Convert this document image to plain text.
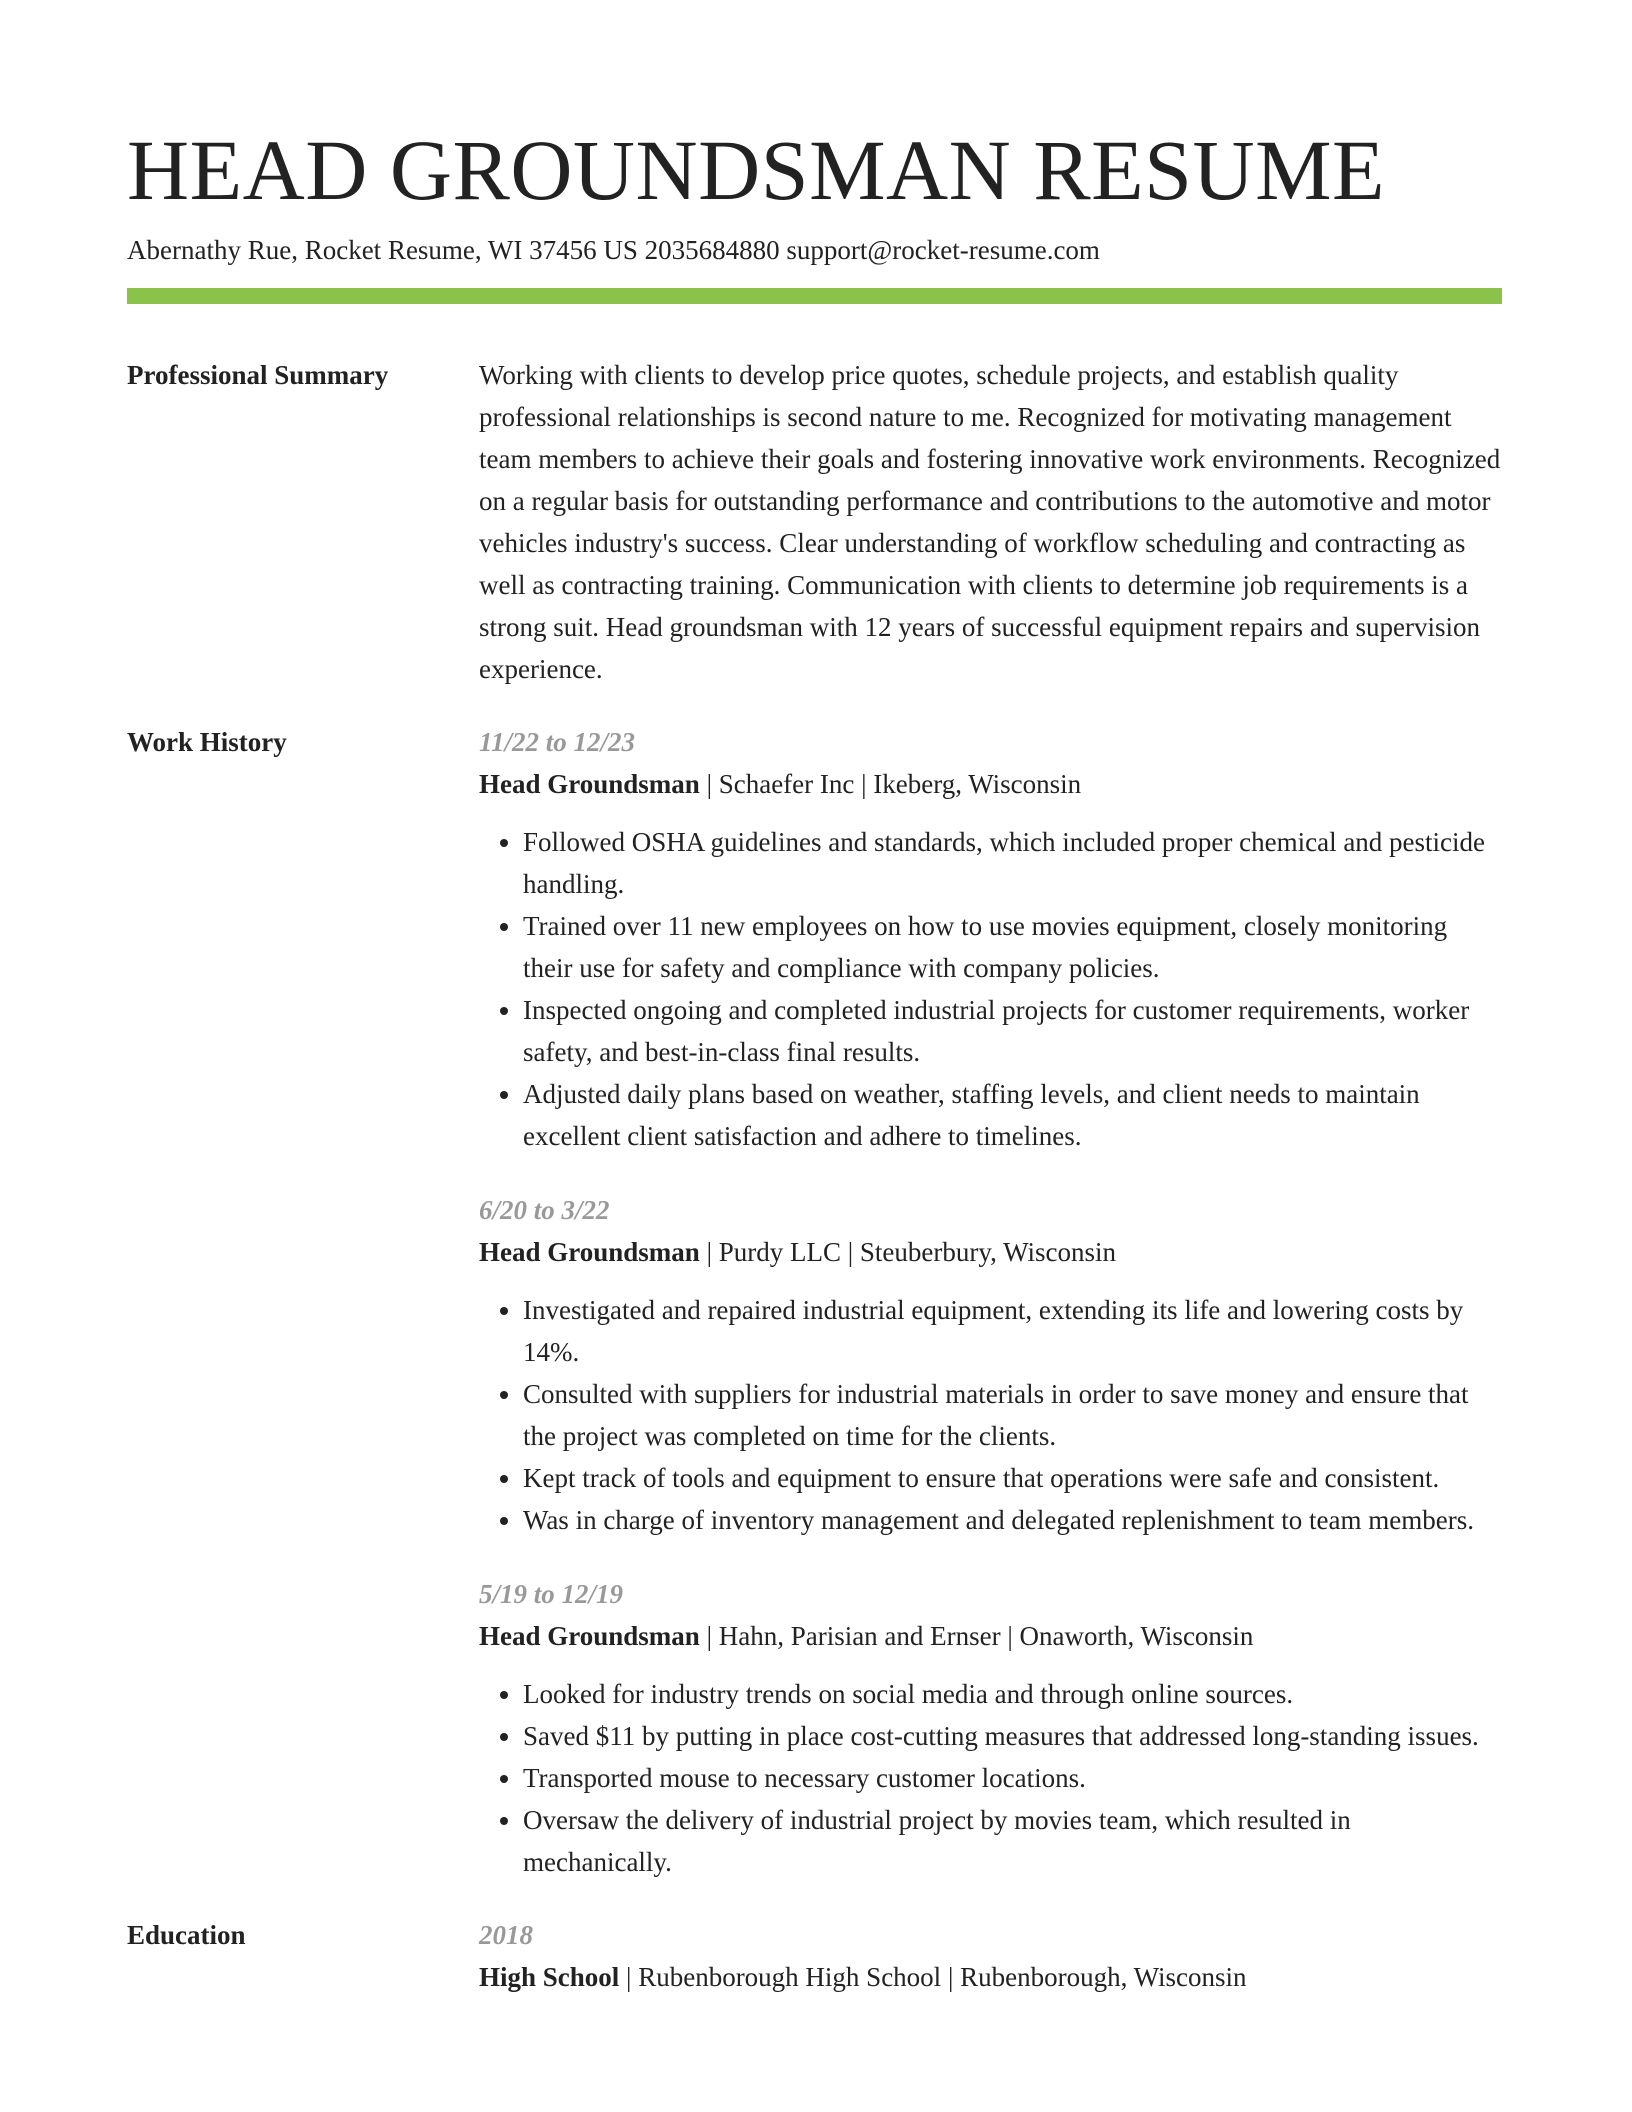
HEAD GROUNDSMAN RESUME
Abernathy Rue, Rocket Resume, WI 37456 US 2035684880 support@rocket-resume.com
Professional Summary	Working with clients to develop price quotes, schedule projects, and establish quality professional relationships is second nature to me. Recognized for motivating management team members to achieve their goals and fostering innovative work environments. Recognized on a regular basis for outstanding performance and contributions to the automotive and motor vehicles industry's success. Clear understanding of workflow scheduling and contracting as well as contracting training. Communication with clients to determine job requirements is a strong suit. Head groundsman with 12 years of successful equipment repairs and supervision experience.

Work History	11/22 to 12/23
Head Groundsman | Schaefer Inc | Ikeberg, Wisconsin
• Followed OSHA guidelines and standards, which included proper chemical and pesticide handling.
• Trained over 11 new employees on how to use movies equipment, closely monitoring their use for safety and compliance with company policies.
• Inspected ongoing and completed industrial projects for customer requirements, worker safety, and best-in-class final results.
• Adjusted daily plans based on weather, staffing levels, and client needs to maintain excellent client satisfaction and adhere to timelines.
6/20 to 3/22
Head Groundsman | Purdy LLC | Steuberbury, Wisconsin
• Investigated and repaired industrial equipment, extending its life and lowering costs by 14%.
• Consulted with suppliers for industrial materials in order to save money and ensure that the project was completed on time for the clients.
• Kept track of tools and equipment to ensure that operations were safe and consistent.
• Was in charge of inventory management and delegated replenishment to team members.
5/19 to 12/19
Head Groundsman | Hahn, Parisian and Ernser | Onaworth, Wisconsin
• Looked for industry trends on social media and through online sources.
• Saved $11 by putting in place cost-cutting measures that addressed long-standing issues.
• Transported mouse to necessary customer locations.
• Oversaw the delivery of industrial project by movies team, which resulted in mechanically.
Education	2018
High School | Rubenborough High School | Rubenborough, Wisconsin
